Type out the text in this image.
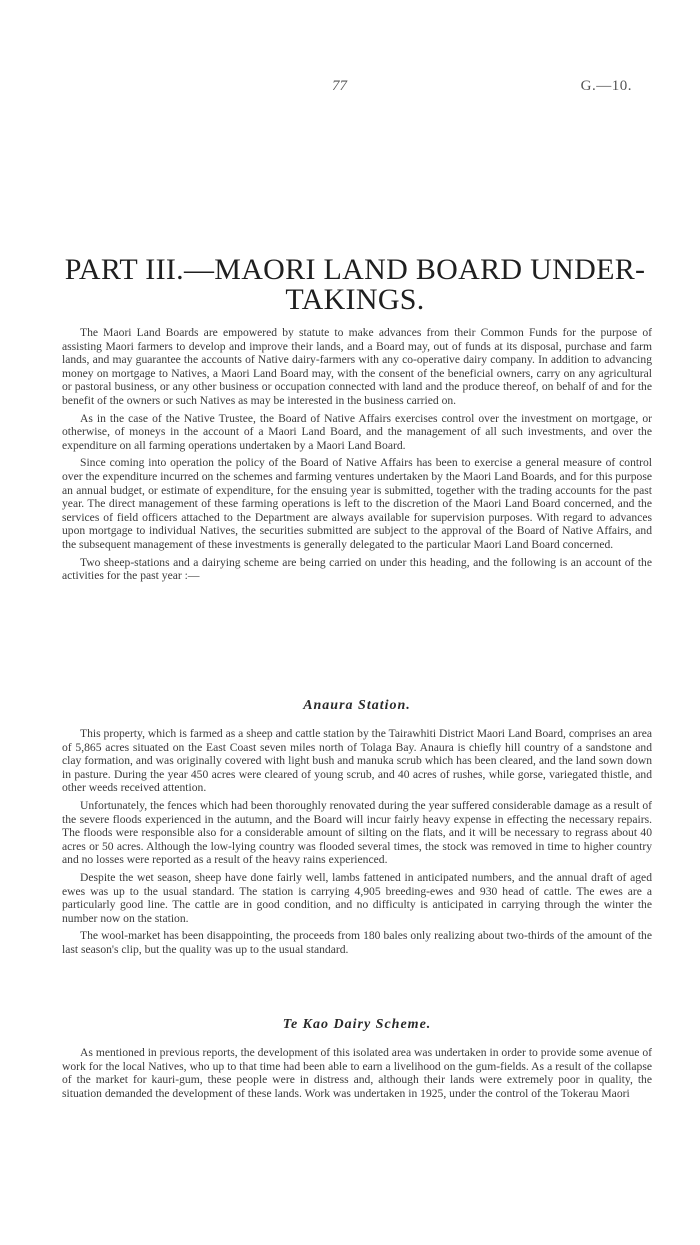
77	G.—10.
PART III.—MAORI LAND BOARD UNDER-TAKINGS.

The Maori Land Boards are empowered by statute to make advances from their Common Funds for the purpose of assisting Maori farmers to develop and improve their lands, and a Board may, out of funds at its disposal, purchase and farm lands, and may guarantee the accounts of Native dairy-farmers with any co-operative dairy company. In addition to advancing money on mortgage to Natives, a Maori Land Board may, with the consent of the beneficial owners, carry on any agricultural or pastoral business, or any other business or occupation connected with land and the produce thereof, on behalf of and for the benefit of the owners or such Natives as may be interested in the business carried on.

As in the case of the Native Trustee, the Board of Native Affairs exercises control over the investment on mortgage, or otherwise, of moneys in the account of a Maori Land Board, and the management of all such investments, and over the expenditure on all farming operations undertaken by a Maori Land Board.

Since coming into operation the policy of the Board of Native Affairs has been to exercise a general measure of control over the expenditure incurred on the schemes and farming ventures undertaken by the Maori Land Boards, and for this purpose an annual budget, or estimate of expenditure, for the ensuing year is submitted, together with the trading accounts for the past year. The direct management of these farming operations is left to the discretion of the Maori Land Board concerned, and the services of field officers attached to the Department are always available for supervision purposes. With regard to advances upon mortgage to individual Natives, the securities submitted are subject to the approval of the Board of Native Affairs, and the subsequent management of these investments is generally delegated to the particular Maori Land Board concerned.

Two sheep-stations and a dairying scheme are being carried on under this heading, and the following is an account of the activities for the past year :—

Anaura Station.

This property, which is farmed as a sheep and cattle station by the Tairawhiti District Maori Land Board, comprises an area of 5,865 acres situated on the East Coast seven miles north of Tolaga Bay. Anaura is chiefly hill country of a sandstone and clay formation, and was originally covered with light bush and manuka scrub which has been cleared, and the land sown down in pasture. During the year 450 acres were cleared of young scrub, and 40 acres of rushes, while gorse, variegated thistle, and other weeds received attention.

Unfortunately, the fences which had been thoroughly renovated during the year suffered considerable damage as a result of the severe floods experienced in the autumn, and the Board will incur fairly heavy expense in effecting the necessary repairs. The floods were responsible also for a considerable amount of silting on the flats, and it will be necessary to regrass about 40 acres or 50 acres. Although the low-lying country was flooded several times, the stock was removed in time to higher country and no losses were reported as a result of the heavy rains experienced.

Despite the wet season, sheep have done fairly well, lambs fattened in anticipated numbers, and the annual draft of aged ewes was up to the usual standard. The station is carrying 4,905 breeding-ewes and 930 head of cattle. The ewes are a particularly good line. The cattle are in good condition, and no difficulty is anticipated in carrying through the winter the number now on the station.

The wool-market has been disappointing, the proceeds from 180 bales only realizing about two-thirds of the amount of the last season's clip, but the quality was up to the usual standard.

Te Kao Dairy Scheme.

As mentioned in previous reports, the development of this isolated area was undertaken in order to provide some avenue of work for the local Natives, who up to that time had been able to earn a livelihood on the gum-fields. As a result of the collapse of the market for kauri-gum, these people were in distress and, although their lands were extremely poor in quality, the situation demanded the development of these lands. Work was undertaken in 1925, under the control of the Tokerau Maori
